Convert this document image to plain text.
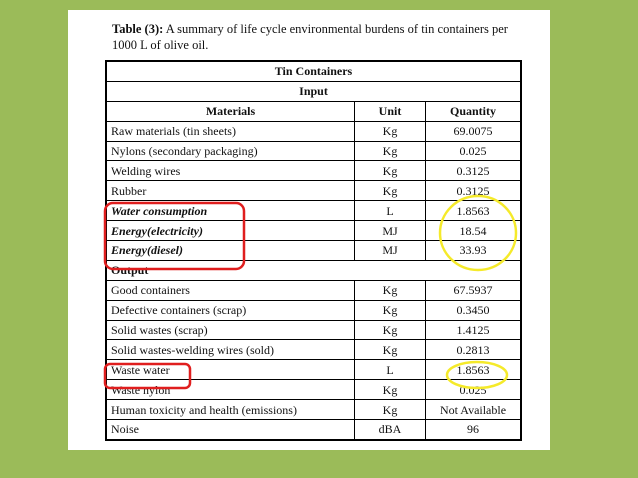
Table (3): A summary of life cycle environmental burdens of tin containers per 1000 L of olive oil.
Tin Containers		
Input		
Materials	Unit	Quantity
Raw materials (tin sheets)	Kg	69.0075
Nylons (secondary packaging)	Kg	0.025
Welding wires	Kg	0.3125
Rubber	Kg	0.3125
Water consumption	L	1.8563
Energy(electricity)	MJ	18.54
Energy(diesel)	MJ	33.93
Output		
Good containers	Kg	67.5937
Defective containers (scrap)	Kg	0.3450
Solid wastes (scrap)	Kg	1.4125
Solid wastes-welding wires (sold)	Kg	0.2813
Waste water	L	1.8563
Waste nylon	Kg	0.025
Human toxicity and health (emissions)	Kg	Not Available
Noise	dBA	96
